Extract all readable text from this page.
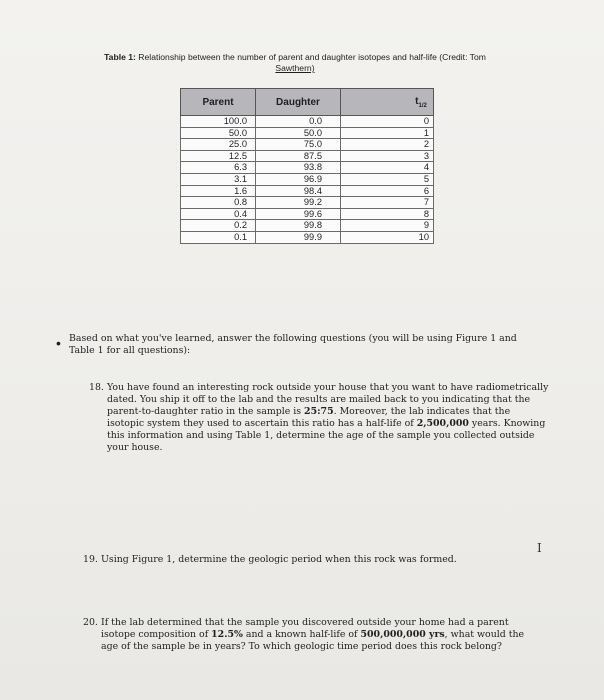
Table 1: Relationship between the number of parent and daughter isotopes and half-life (Credit: Tom
Sawthern)
Parent	Daughter		$t_{1/2}$
100.0	0.0		0
50.0	50.0		1
25.0	75.0		2
12.5	87.5		3
6.3	93.8		4
3.1	96.9		5
1.6	98.4		6
0.8	99.2		7
0.4	99.6		8
0.2	99.8		9
0.1	99.9		10
• Based on what you've learned, answer the following questions (you will be using Figure 1 and Table 1 for all questions):
18. You have found an interesting rock outside your house that you want to have radiometrically dated. You ship it off to the lab and the results are mailed back to you indicating that the parent-to-daughter ratio in the sample is 25:75. Moreover, the lab indicates that the isotopic system they used to ascertain this ratio has a half-life of 2,500,000 years. Knowing this information and using Table 1, determine the age of the sample you collected outside your house.
19. Using Figure 1, determine the geologic period when this rock was formed.
20. If the lab determined that the sample you discovered outside your home had a parent isotope composition of 12.5% and a known half-life of 500,000,000 yrs, what would the age of the sample be in years? To which geologic time period does this rock belong?
I
